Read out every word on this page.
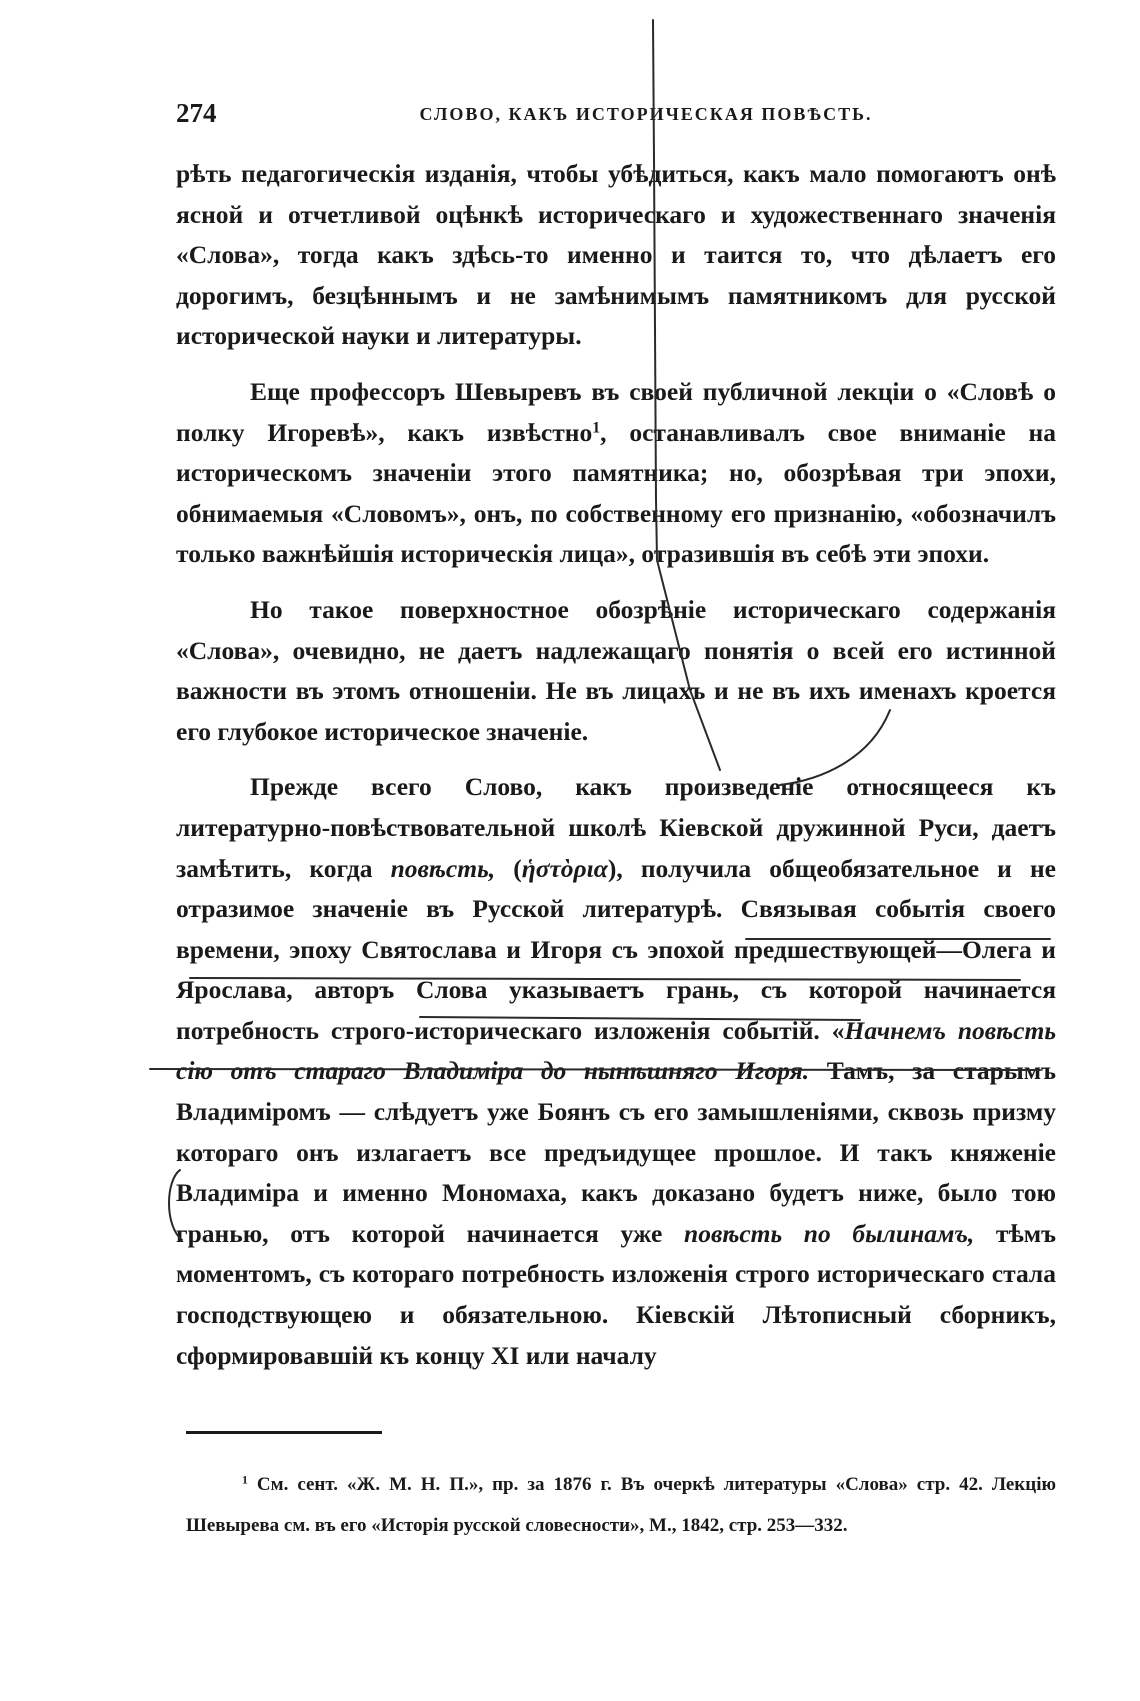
274	СЛОВО, КАКЪ ИСТОРИЧЕСКАЯ ПОВѢСТЬ.

рѣть педагогическія изданія, чтобы убѣдиться, какъ мало помогаютъ онѣ ясной и отчетливой оцѣнкѣ историческаго и художественнаго значенія «Слова», тогда какъ здѣсь-то именно и таится то, что дѣлаетъ его дорогимъ, безцѣннымъ и не замѣнимымъ памятникомъ для русской исторической науки и литературы.

Еще профессоръ Шевыревъ въ своей публичной лекціи о «Словѣ о полку Игоревѣ», какъ извѣстно$^1$, останавливалъ свое вниманіе на историческомъ значеніи этого памятника; но, обозрѣвая три эпохи, обнимаемыя «Словомъ», онъ, по собственному его признанію, «обозначилъ только важнѣйшія историческія лица», отразившія въ себѣ эти эпохи.

Но такое поверхностное обозрѣніе историческаго содержанія «Слова», очевидно, не даетъ надлежащаго понятія о всей его истинной важности въ этомъ отношеніи. Не въ лицахъ и не въ ихъ именахъ кроется его глубокое историческое значеніе.

Прежде всего Слово, какъ произведеніе относящееся къ литературно-повѣствовательной школѣ Кіевской дружинной Руси, даетъ замѣтить, когда повѣсть, (ἡστὸρια), получила общеобязательное и не отразимое значеніе въ Русской литературѣ. Связывая событія своего времени, эпоху Святослава и Игоря съ эпохой предшествующей—Олега и Ярослава, авторъ Слова указываетъ грань, съ которой начинается потребность строго-историческаго изложенія событій. «Начнемъ повѣсть сію отъ стараго Владиміра до нынѣшняго Игоря. Тамъ, за старымъ Владиміромъ — слѣдуетъ уже Боянъ съ его замышленіями, сквозь призму котораго онъ излагаетъ все предъидущее прошлое. И такъ княженіе Владиміра и именно Мономаха, какъ доказано будетъ ниже, было тою гранью, отъ которой начинается уже повѣсть по былинамъ, тѣмъ моментомъ, съ котораго потребность изложенія строго историческаго стала господствующею и обязательною. Кіевскій Лѣтописный сборникъ, сформировавшій къ концу XI или началу

$^1$ См. сент. «Ж. М. Н. П.», пр. за 1876 г. Въ очеркѣ литературы «Слова» стр. 42. Лекцію Шевырева см. въ его «Исторія русской словесности», М., 1842, стр. 253—332.
